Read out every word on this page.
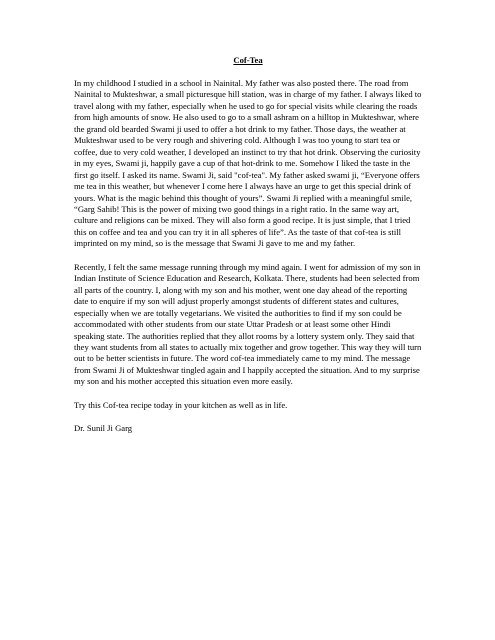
Cof-Tea

In my childhood I studied in a school in Nainital. My father was also posted there. The road from Nainital to Mukteshwar, a small picturesque hill station, was in charge of my father. I always liked to travel along with my father, especially when he used to go for special visits while clearing the roads from high amounts of snow. He also used to go to a small ashram on a hilltop in Mukteshwar, where the grand old bearded Swami ji used to offer a hot drink to my father. Those days, the weather at Mukteshwar used to be very rough and shivering cold. Although I was too young to start tea or coffee, due to very cold weather, I developed an instinct to try that hot drink. Observing the curiosity in my eyes, Swami ji, happily gave a cup of that hot-drink to me. Somehow I liked the taste in the first go itself. I asked its name. Swami Ji, said "cof-tea". My father asked swami ji, “Everyone offers me tea in this weather, but whenever I come here I always have an urge to get this special drink of yours. What is the magic behind this thought of yours”. Swami Ji replied with a meaningful smile, “Garg Sahib! This is the power of mixing two good things in a right ratio. In the same way art, culture and religions can be mixed. They will also form a good recipe. It is just simple, that I tried this on coffee and tea and you can try it in all spheres of life”. As the taste of that cof-tea is still imprinted on my mind, so is the message that Swami Ji gave to me and my father.

Recently, I felt the same message running through my mind again. I went for admission of my son in Indian Institute of Science Education and Research, Kolkata. There, students had been selected from all parts of the country. I, along with my son and his mother, went one day ahead of the reporting date to enquire if my son will adjust properly amongst students of different states and cultures, especially when we are totally vegetarians. We visited the authorities to find if my son could be accommodated with other students from our state Uttar Pradesh or at least some other Hindi speaking state. The authorities replied that they allot rooms by a lottery system only. They said that they want students from all states to actually mix together and grow together. This way they will turn out to be better scientists in future. The word cof-tea immediately came to my mind. The message from Swami Ji of Mukteshwar tingled again and I happily accepted the situation. And to my surprise my son and his mother accepted this situation even more easily.

Try this Cof-tea recipe today in your kitchen as well as in life.

Dr. Sunil Ji Garg
